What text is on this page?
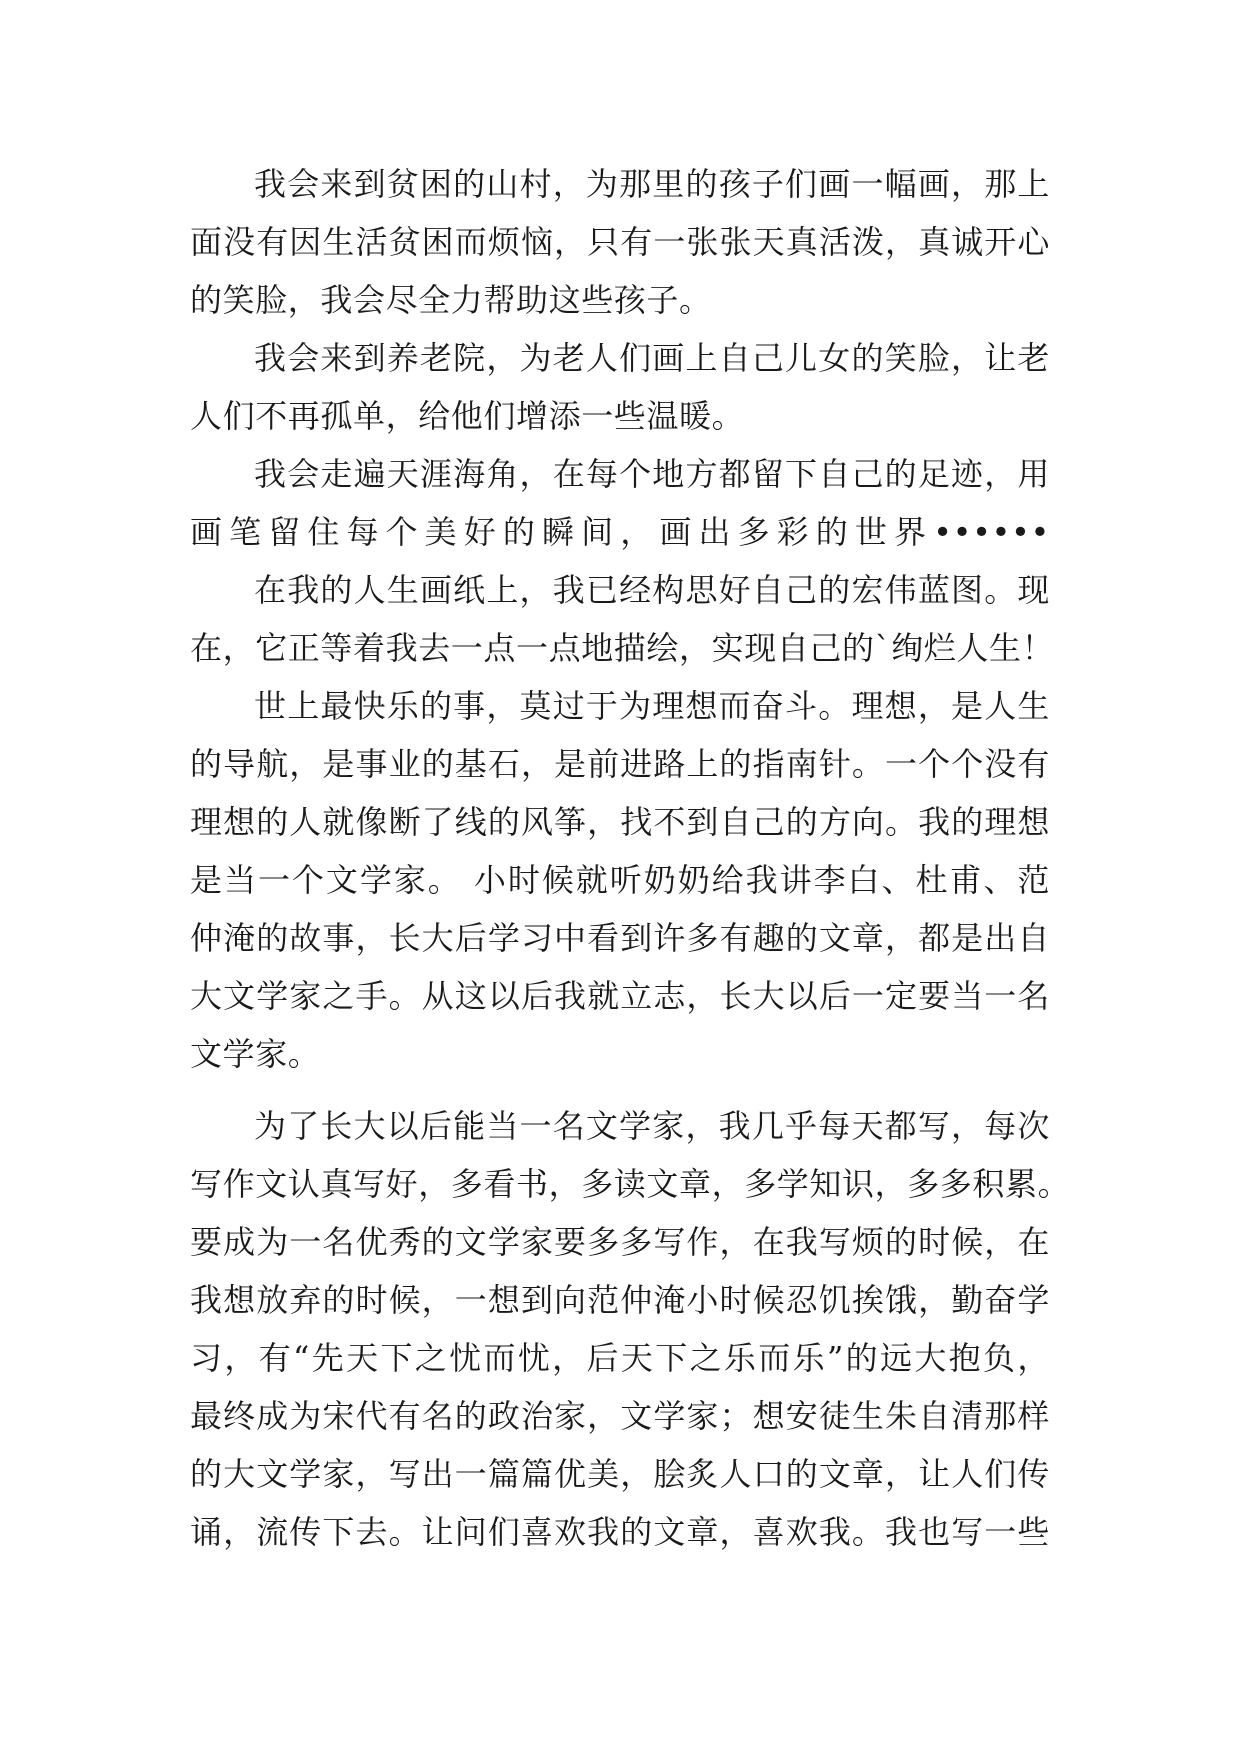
我会来到贫困的山村，为那里的孩子们画一幅画，那上
面没有因生活贫困而烦恼，只有一张张天真活泼，真诚开心
的笑脸，我会尽全力帮助这些孩子。
我会来到养老院，为老人们画上自己儿女的笑脸，让老
人们不再孤单，给他们增添一些温暖。
我会走遍天涯海角，在每个地方都留下自己的足迹，用
画笔留住每个美好的瞬间，画出多彩的世界••••••
在我的人生画纸上，我已经构思好自己的宏伟蓝图。现
在，它正等着我去一点一点地描绘，实现自己的`绚烂人生！
世上最快乐的事，莫过于为理想而奋斗。理想，是人生
的导航，是事业的基石，是前进路上的指南针。一个个没有
理想的人就像断了线的风筝，找不到自己的方向。我的理想
是当一个文学家。 小时候就听奶奶给我讲李白、杜甫、范
仲淹的故事，长大后学习中看到许多有趣的文章，都是出自
大文学家之手。从这以后我就立志，长大以后一定要当一名
文学家。
为了长大以后能当一名文学家，我几乎每天都写，每次
写作文认真写好，多看书，多读文章，多学知识，多多积累。
要成为一名优秀的文学家要多多写作，在我写烦的时候，在
我想放弃的时候，一想到向范仲淹小时候忍饥挨饿，勤奋学
习，有“先天下之忧而忧，后天下之乐而乐”的远大抱负，
最终成为宋代有名的政治家，文学家；想安徒生朱自清那样
的大文学家，写出一篇篇优美，脍炙人口的文章，让人们传
诵，流传下去。让问们喜欢我的文章，喜欢我。我也写一些
